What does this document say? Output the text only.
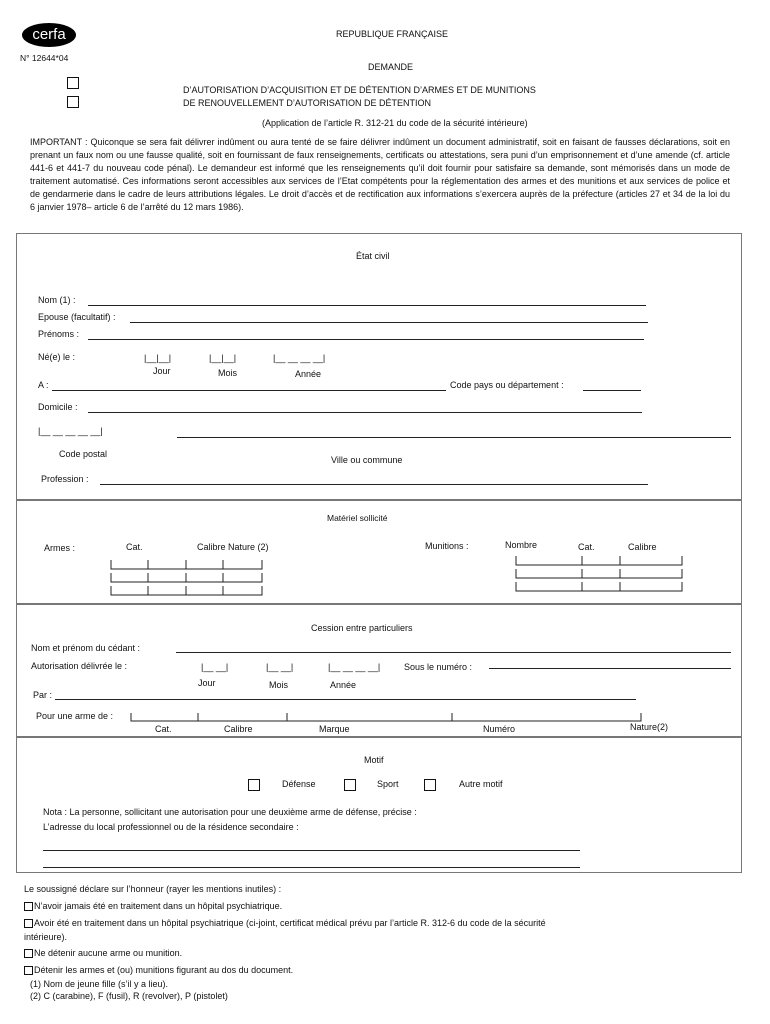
cerfa
N° 12644*04
REPUBLIQUE FRANÇAISE
DEMANDE
D’AUTORISATION D’ACQUISITION ET DE DÉTENTION D’ARMES ET DE MUNITIONS
DE RENOUVELLEMENT D’AUTORISATION DE DÉTENTION
(Application de l’article R. 312-21 du code de la sécurité intérieure)
IMPORTANT : Quiconque se sera fait délivrer indûment ou aura tenté de se faire délivrer indûment un document administratif, soit en faisant de fausses déclarations, soit en prenant un faux nom ou une fausse qualité, soit en fournissant de faux renseignements, certificats ou attestations, sera puni d’un emprisonnement et d’une amende (cf. article 441-6 et 441-7 du nouveau code pénal). Le demandeur est informé que les renseignements qu’il doit fournir pour satisfaire sa demande, sont mémorisés dans un mode de traitement automatisé. Ces informations seront accessibles aux services de l’Etat compétents pour la réglementation des armes et des munitions et aux services de police et de gendarmerie dans le cadre de leurs attributions légales. Le droit d’accès et de rectification aux informations s’exercera auprès de la préfecture (articles 27 et 34 de la loi du 6 janvier 1978– article 6 de l’arrêté du 12 mars 1986).
État civil
Nom (1) :
Epouse (facultatif) :
Prénoms :
Né(e) le :	|__|__|	|__|__|	|__ __ __ __|
Jour	Mois	Année
A :	Code pays ou département :
Domicile :
|__ __ __ __ __|
Code postal
Ville ou commune
Profession :
Matériel sollicité
Armes :	Cat.	Calibre Nature (2)	Munitions :	Nombre	Cat.	Calibre
Cession entre particuliers
Nom et prénom du cédant :
Autorisation délivrée le :	|__ __|	|__ __|	|__ __ __ __|	Sous le numéro :
Jour	Mois	Année
Par :
Pour une arme de :
Cat.	Calibre	Marque	Numéro	Nature(2)
Motif
Défense	Sport	Autre motif
Nota : La personne, sollicitant une autorisation pour une deuxième arme de défense, précise :
L’adresse du local professionnel ou de la résidence secondaire :
Le soussigné déclare sur l’honneur (rayer les mentions inutiles) :
N’avoir jamais été en traitement dans un hôpital psychiatrique.
Avoir été en traitement dans un hôpital psychiatrique (ci-joint, certificat médical prévu par l’article R. 312-6 du code de la sécurité
intérieure).
Ne détenir aucune arme ou munition.
Détenir les armes et (ou) munitions figurant au dos du document.
(1) Nom de jeune fille (s’il y a lieu).
(2) C (carabine), F (fusil), R (revolver), P (pistolet)
